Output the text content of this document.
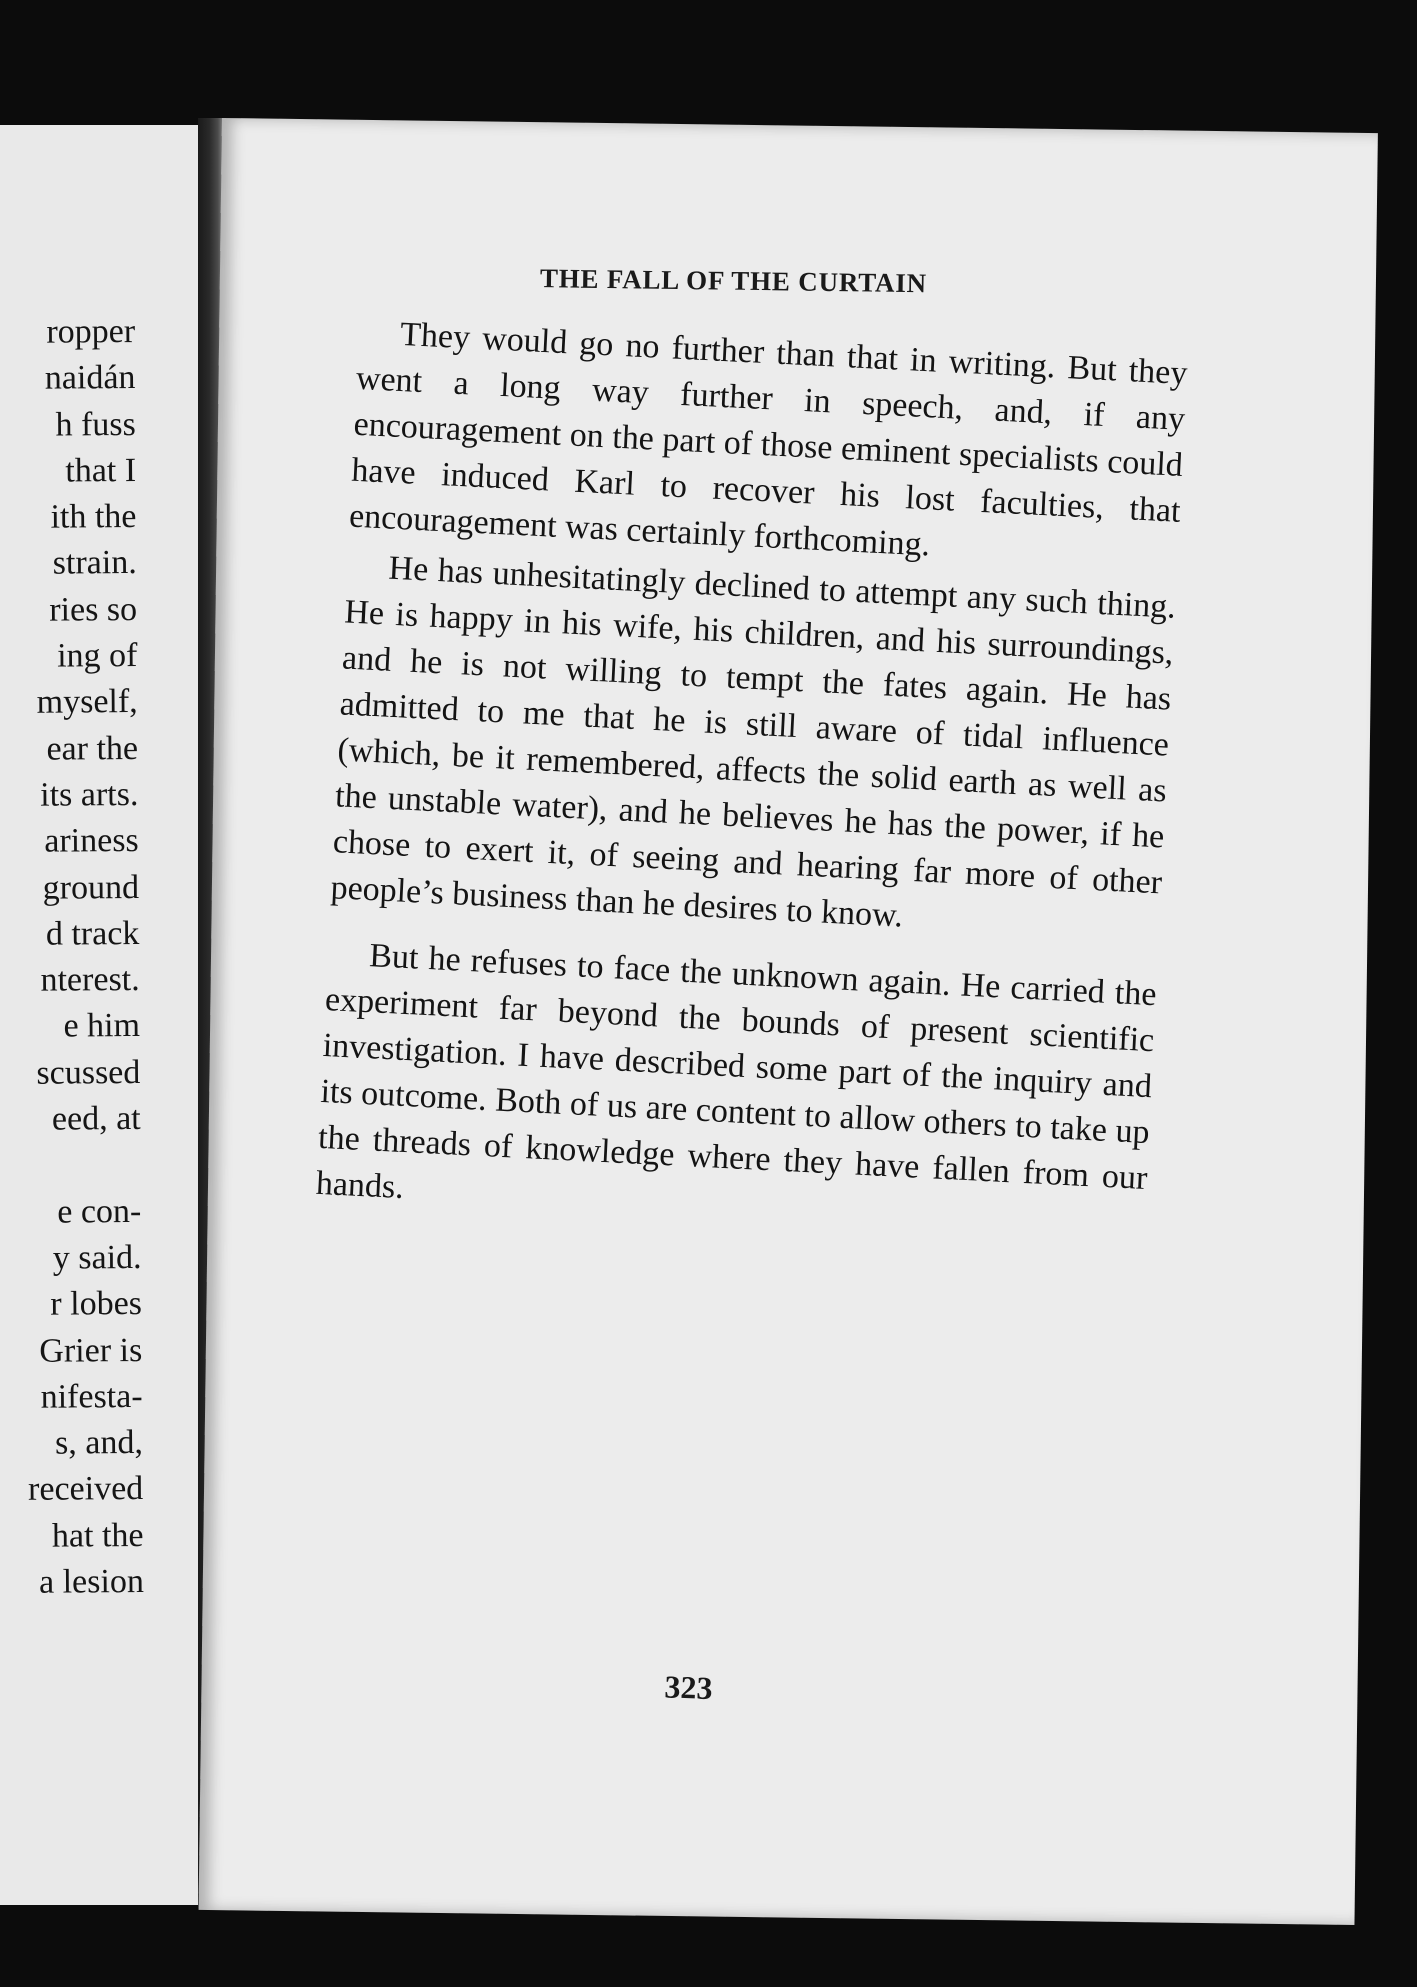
ropper
naidán
h fuss
that I
ith the
strain.
ries so
ing of
myself,
ear the
its arts.
ariness
ground
d track
nterest.
e him
scussed
eed, at
e con-
y said.
r lobes
Grier is
nifesta-
s, and,
received
hat the
a lesion
THE FALL OF THE CURTAIN

They would go no further than that in writing. But they went a long way further in speech, and, if any encouragement on the part of those eminent specialists could have induced Karl to recover his lost faculties, that encouragement was certainly forthcoming.

He has unhesitatingly declined to attempt any such thing. He is happy in his wife, his children, and his surroundings, and he is not willing to tempt the fates again. He has admitted to me that he is still aware of tidal influence (which, be it remembered, affects the solid earth as well as the unstable water), and he believes he has the power, if he chose to exert it, of seeing and hearing far more of other people’s business than he desires to know.

But he refuses to face the unknown again. He carried the experiment far beyond the bounds of present scientific investigation. I have described some part of the inquiry and its outcome. Both of us are content to allow others to take up the threads of knowledge where they have fallen from our hands.

323
